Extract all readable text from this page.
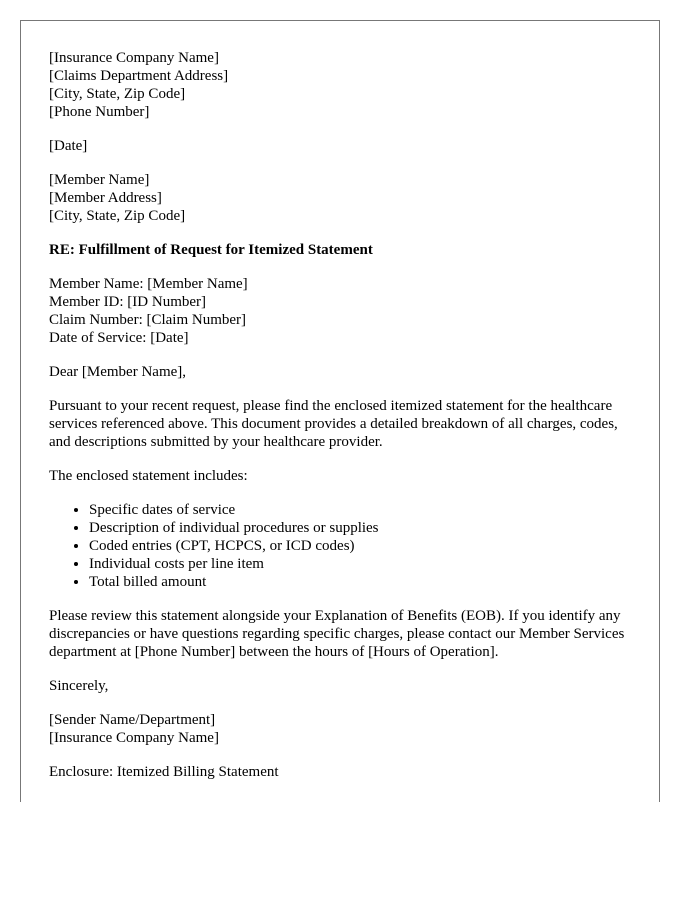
[Insurance Company Name]
[Claims Department Address]
[City, State, Zip Code]
[Phone Number]
[Date]
[Member Name]
[Member Address]
[City, State, Zip Code]
RE: Fulfillment of Request for Itemized Statement
Member Name: [Member Name]
Member ID: [ID Number]
Claim Number: [Claim Number]
Date of Service: [Date]
Dear [Member Name],
Pursuant to your recent request, please find the enclosed itemized statement for the healthcare services referenced above. This document provides a detailed breakdown of all charges, codes, and descriptions submitted by your healthcare provider.
The enclosed statement includes:
• Specific dates of service
• Description of individual procedures or supplies
• Coded entries (CPT, HCPCS, or ICD codes)
• Individual costs per line item
• Total billed amount
Please review this statement alongside your Explanation of Benefits (EOB). If you identify any discrepancies or have questions regarding specific charges, please contact our Member Services department at [Phone Number] between the hours of [Hours of Operation].
Sincerely,
[Sender Name/Department]
[Insurance Company Name]
Enclosure: Itemized Billing Statement
